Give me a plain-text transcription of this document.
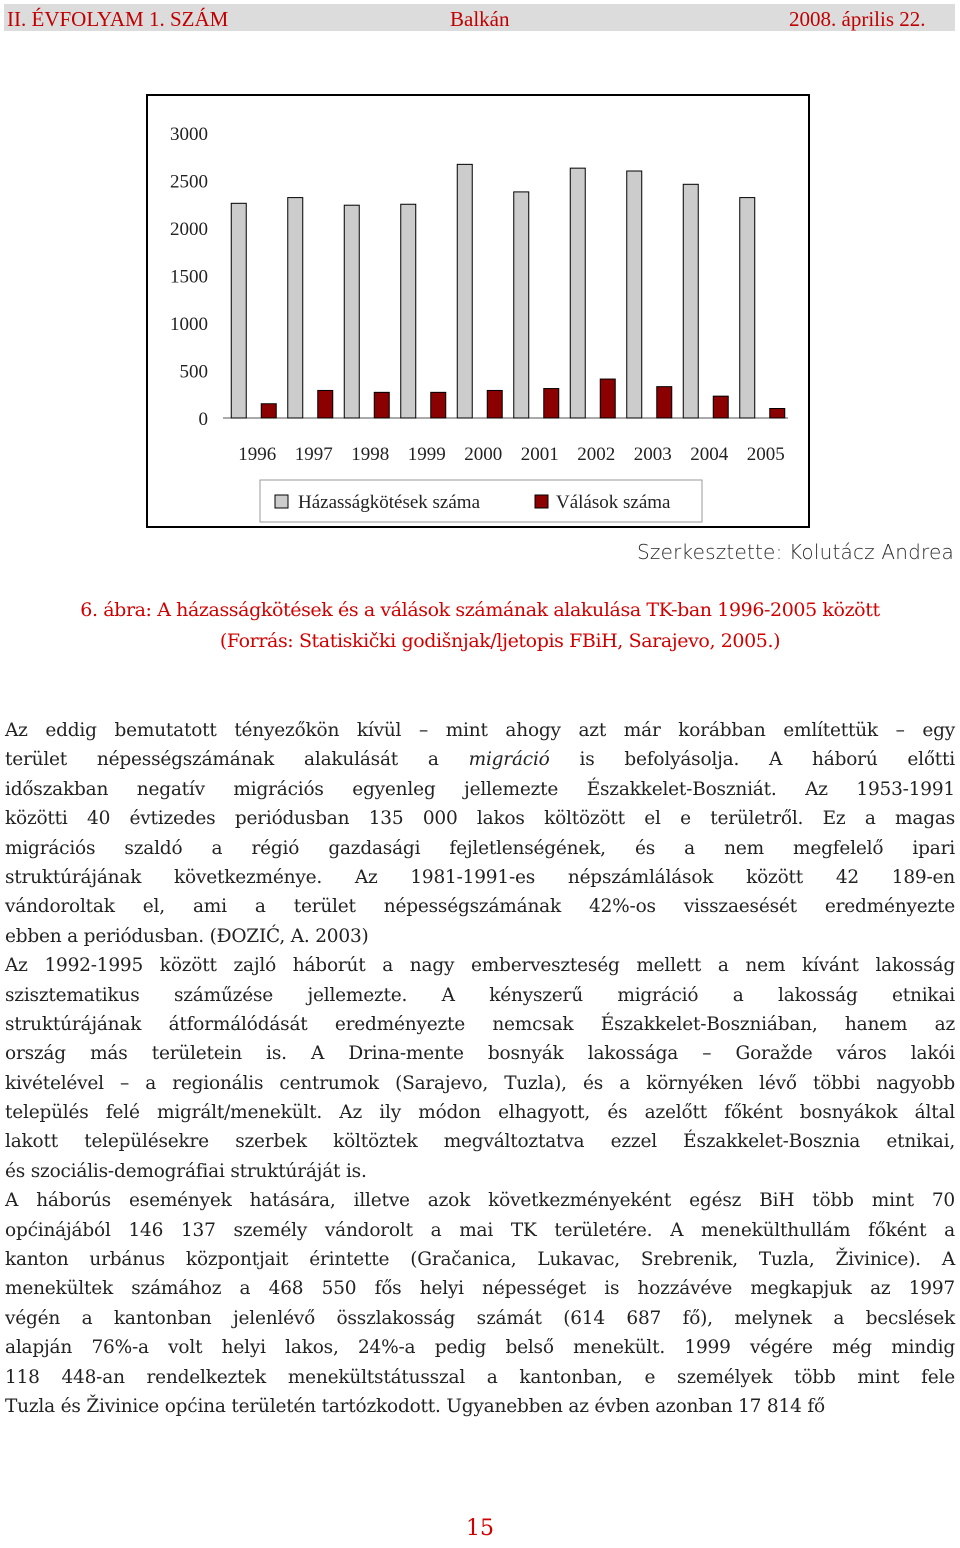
II. ÉVFOLYAM 1. SZÁM	Balkán	2008. április 22.
0
500
1000
1500
2000
2500
3000
1996 1997 1998 1999 2000 2001 2002 2003 2004 2005
Házasságkötések száma	Válások száma
Szerkesztette: Kolutácz Andrea
6. ábra: A házasságkötések és a válások számának alakulása TK-ban 1996-2005 között
(Forrás: Statiskički godišnjak/ljetopis FBiH, Sarajevo, 2005.)
Az eddig bemutatott tényezőkön kívül – mint ahogy azt már korábban említettük – egy
terület népességszámának alakulását a migráció is befolyásolja. A háború előtti
időszakban negatív migrációs egyenleg jellemezte Északkelet-Boszniát. Az 1953-1991
közötti 40 évtizedes periódusban 135 000 lakos költözött el e területről. Ez a magas
migrációs szaldó a régió gazdasági fejletlenségének, és a nem megfelelő ipari
struktúrájának következménye. Az 1981-1991-es népszámlálások között 42 189-en
vándoroltak el, ami a terület népességszámának 42%-os visszaesését eredményezte
ebben a periódusban. (ĐOZIĆ, A. 2003)
Az 1992-1995 között zajló háborút a nagy emberveszteség mellett a nem kívánt lakosság
szisztematikus száműzése jellemezte. A kényszerű migráció a lakosság etnikai
struktúrájának átformálódását eredményezte nemcsak Északkelet-Boszniában, hanem az
ország más területein is. A Drina-mente bosnyák lakossága – Goražde város lakói
kivételével – a regionális centrumok (Sarajevo, Tuzla), és a környéken lévő többi nagyobb
település felé migrált/menekült. Az ily módon elhagyott, és azelőtt főként bosnyákok által
lakott településekre szerbek költöztek megváltoztatva ezzel Északkelet-Bosznia etnikai,
és szociális-demográfiai struktúráját is.
A háborús események hatására, illetve azok következményeként egész BiH több mint 70
općinájából 146 137 személy vándorolt a mai TK területére. A menekülthullám főként a
kanton urbánus központjait érintette (Gračanica, Lukavac, Srebrenik, Tuzla, Živinice). A
menekültek számához a 468 550 fős helyi népességet is hozzávéve megkapjuk az 1997
végén a kantonban jelenlévő összlakosság számát (614 687 fő), melynek a becslések
alapján 76%-a volt helyi lakos, 24%-a pedig belső menekült. 1999 végére még mindig
118 448-an rendelkeztek menekültstátusszal a kantonban, e személyek több mint fele
Tuzla és Živinice općina területén tartózkodott. Ugyanebben az évben azonban 17 814 fő
15
